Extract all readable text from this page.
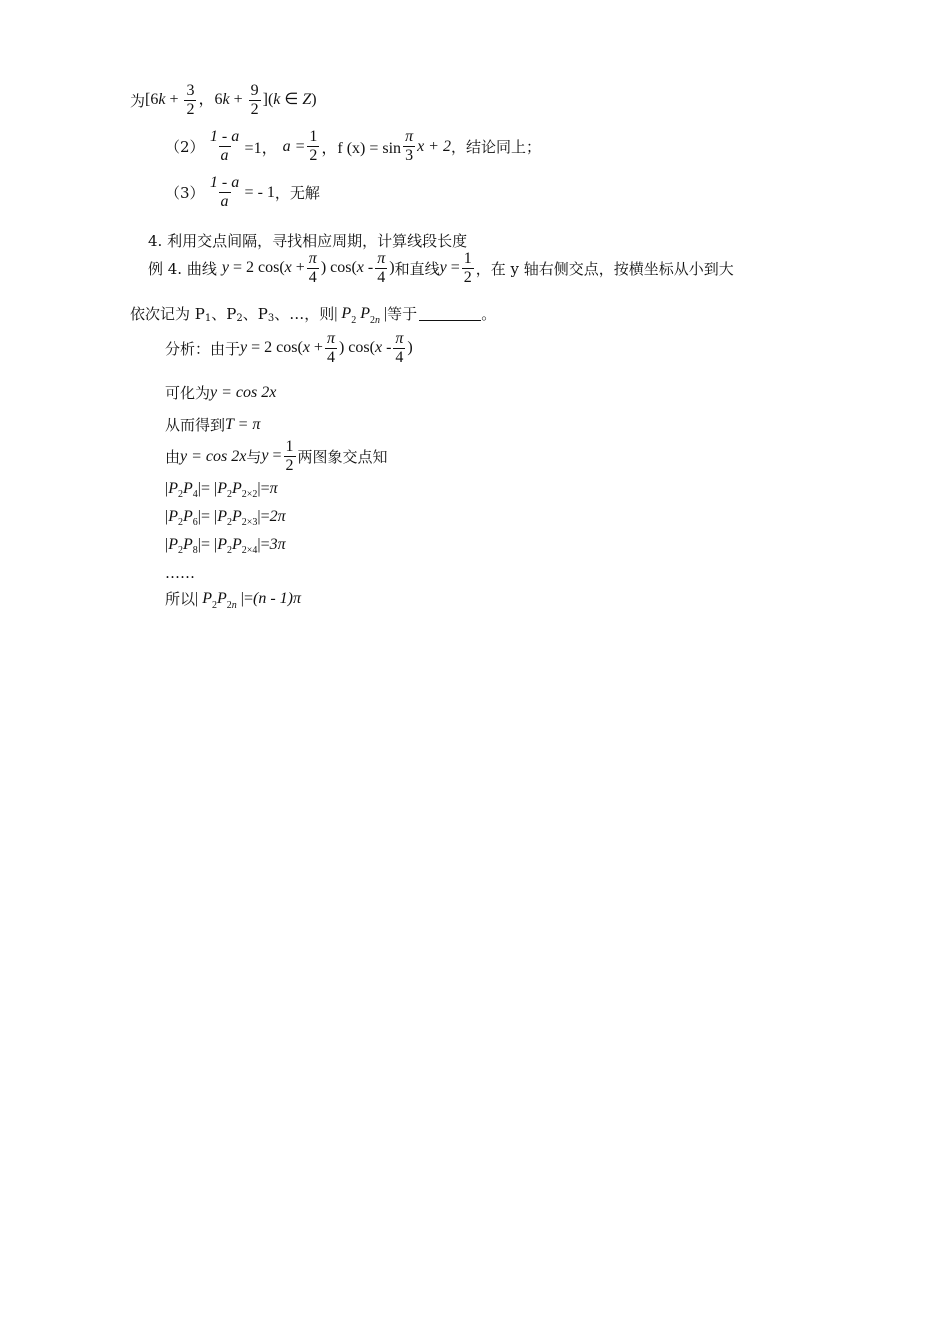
为 [$6k + \frac{3}{2}$ ，$6k + \frac{9}{2} ](k$ ∈ Z)
$(2) \frac{1 - a}{a} =1$， $a = \frac{1}{2}$ ，f $(x) = \sin \frac{\pi}{3}$ x + 2 ，结论同上；
$(3) \frac{1 - a}{a}$ = - 1 ，无解
4. 利用交点间隔，寻找相应周期，计算线段长度
例 4. 曲线 y = 2 $\cos(x + \frac{\pi}{4}$ ) $\cos(x - \frac{\pi}{4}$ ) 和直线 $y = \frac{1}{2}$ ，在 y 轴右侧交点，按横坐标从小到大
依次记为 P 1 、P 2 、P 3 、…，则 | $P_2$ $P_{2n}$ | 等于	。
分析：由于 y = 2 $\cos(x + \frac{\pi}{4}$ ) $\cos(x - \frac{\pi}{4}$ )
可化为 y = cos 2x
从而得到 T = π
由 y = cos 2x 与 $y = \frac{1}{2}$ 两图象交点知
| P 2 P 4 |= | P 2 P 2×2 |= π
| P 2 P 6 |= | P 2 P 2×3 |= 2π
| P 2 P 8 |= | P 2 P 2×4 |= 3π
……
所以 | $P_2P_{2n}$ |=(n - 1)π
